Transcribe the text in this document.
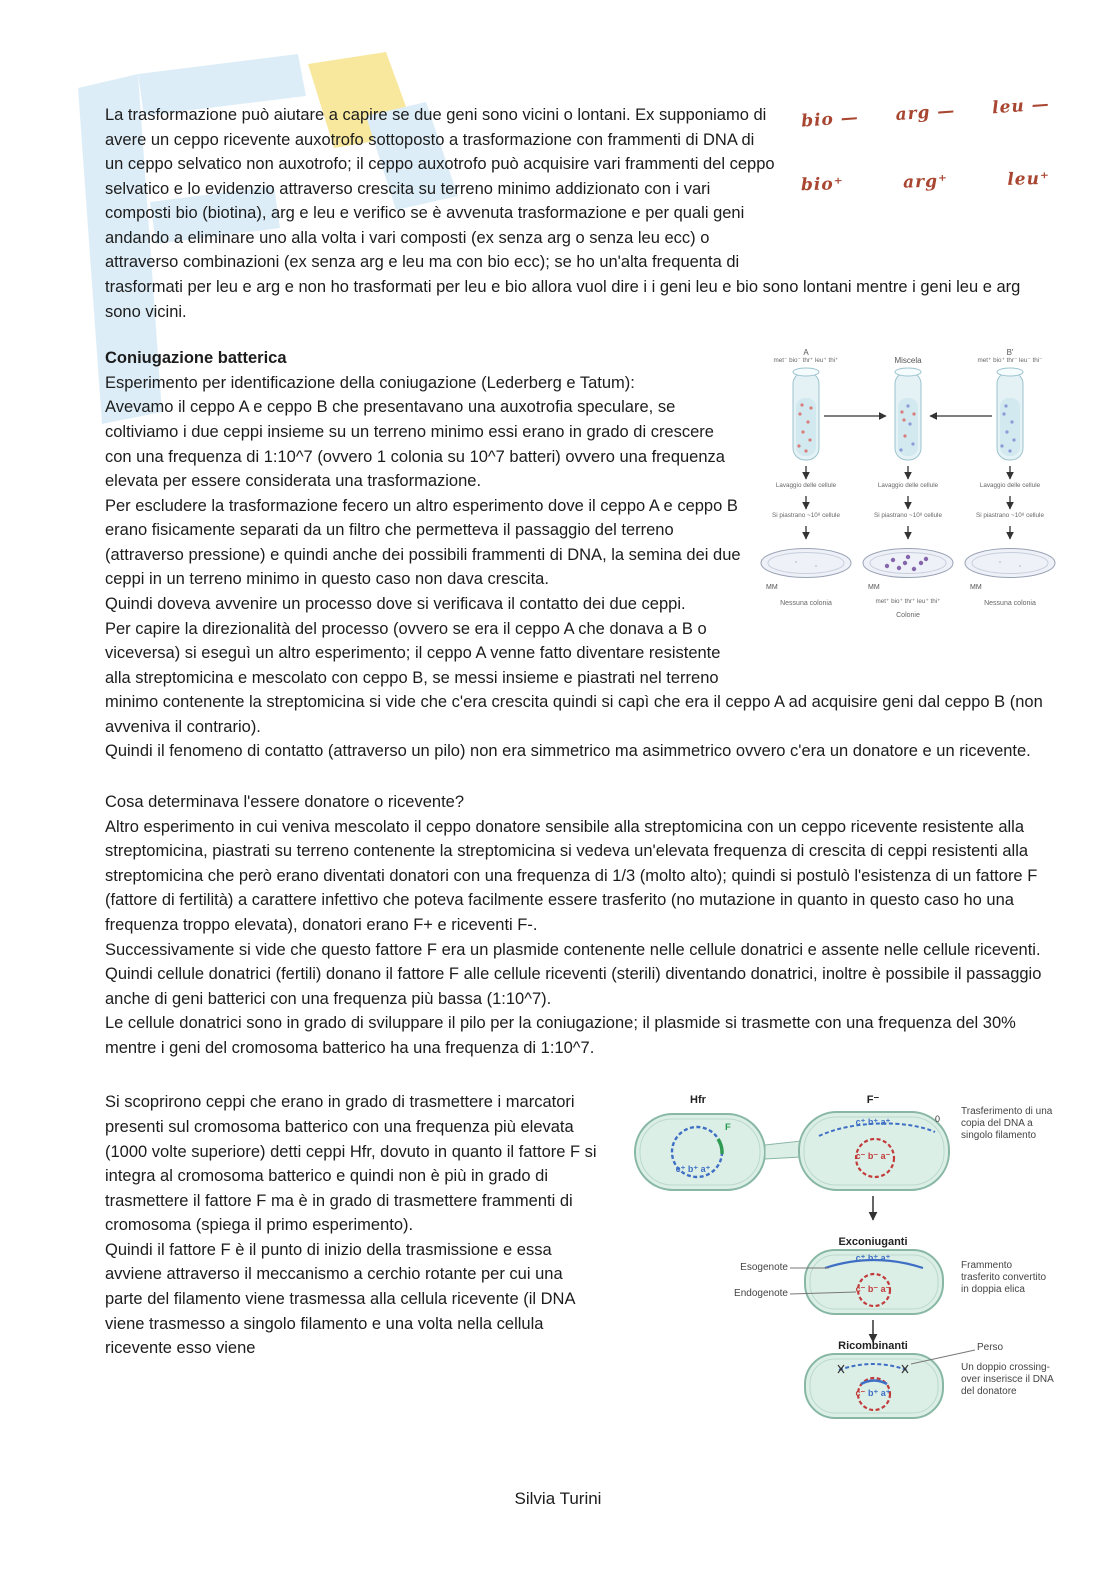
bio — arg — leu —
bio⁺	arg⁺	leu⁺

La trasformazione può aiutare a capire se due geni sono vicini o lontani. Ex supponiamo di avere un ceppo ricevente auxotrofo sottoposto a trasformazione con frammenti di DNA di un ceppo selvatico non auxotrofo; il ceppo auxotrofo può acquisire vari frammenti del ceppo selvatico e lo evidenzio attraverso crescita su terreno minimo addizionato con i vari composti bio (biotina), arg e leu e verifico se è avvenuta trasformazione e per quali geni andando a eliminare uno alla volta i vari composti (ex senza arg o senza leu ecc) o attraverso combinazioni (ex senza arg e leu ma con bio ecc); se ho un'alta frequenta di trasformati per leu e arg e non ho trasformati per leu e bio allora vuol dire i i geni leu e bio sono lontani mentre i geni leu e arg sono vicini.

A
Miscela
B'
met⁻ bio⁻ thr⁺ leu⁺ thi⁺	met⁺ bio⁺ thr⁻ leu⁻ thi⁻
Lavaggio delle cellule	Lavaggio delle cellule	Lavaggio delle cellule
Si piastrano ~10⁸ cellule	Si piastrano ~10⁸ cellule	Si piastrano ~10⁸ cellule
MM	MM	MM
Nessuna colonia	met⁺ bio⁺ thr⁺ leu⁺ thi⁺
Colonie
Nessuna colonia
Coniugazione batterica

Esperimento per identificazione della coniugazione (Lederberg e Tatum):

Avevamo il ceppo A e ceppo B che presentavano una auxotrofia speculare, se coltiviamo i due ceppi insieme su un terreno minimo essi erano in grado di crescere con una frequenza di 1:10^7 (ovvero 1 colonia su 10^7 batteri) ovvero una frequenza elevata per essere considerata una trasformazione.

Per escludere la trasformazione fecero un altro esperimento dove il ceppo A e ceppo B erano fisicamente separati da un filtro che permetteva il passaggio del terreno (attraverso pressione) e quindi anche dei possibili frammenti di DNA, la semina dei due ceppi in un terreno minimo in questo caso non dava crescita.

Quindi doveva avvenire un processo dove si verificava il contatto dei due ceppi.

Per capire la direzionalità del processo (ovvero se era il ceppo A che donava a B o viceversa) si eseguì un altro esperimento; il ceppo A venne fatto diventare resistente alla streptomicina e mescolato con ceppo B, se messi insieme e piastrati nel terreno minimo contenente la streptomicina si vide che c'era crescita quindi si capì che era il ceppo A ad acquisire geni dal ceppo B (non avveniva il contrario).

Quindi il fenomeno di contatto (attraverso un pilo) non era simmetrico ma asimmetrico ovvero c'era un donatore e un ricevente.

Cosa determinava l'essere donatore o ricevente?

Altro esperimento in cui veniva mescolato il ceppo donatore sensibile alla streptomicina con un ceppo ricevente resistente alla streptomicina, piastrati su terreno contenente la streptomicina si vedeva un'elevata frequenza di crescita di ceppi resistenti alla streptomicina che però erano diventati donatori con una frequenza di 1/3 (molto alto); quindi si postulò l'esistenza di un fattore F (fattore di fertilità) a carattere infettivo che poteva facilmente essere trasferito (no mutazione in quanto in questo caso ho una frequenza troppo elevata), donatori erano F+ e riceventi F-.

Successivamente si vide che questo fattore F era un plasmide contenente nelle cellule donatrici e assente nelle cellule riceventi.

Quindi cellule donatrici (fertili) donano il fattore F alle cellule riceventi (sterili) diventando donatrici, inoltre è possibile il passaggio anche di geni batterici con una frequenza più bassa (1:10^7).

Le cellule donatrici sono in grado di sviluppare il pilo per la coniugazione; il plasmide si trasmette con una frequenza del 30% mentre i geni del cromosoma batterico ha una frequenza di 1:10^7.

Hfr	F⁻
c⁺ b⁺ a⁺
F	c⁺ b⁺ a⁺	0
c⁻ b⁻ a⁻
Trasferimento di una copia del DNA a singolo filamento
Exconiuganti
Esogenote
Endogenote
c⁺ b⁺ a⁺
c⁻ b⁻ a⁻
Frammento trasferito convertito in doppia elica
Ricombinanti	Perso
Un doppio crossing-over inserisce il DNA del donatore
c⁻ b⁺ a⁺

Si scoprirono ceppi che erano in grado di trasmettere i marcatori presenti sul cromosoma batterico con una frequenza più elevata (1000 volte superiore) detti ceppi Hfr, dovuto in quanto il fattore F si integra al cromosoma batterico e quindi non è più in grado di trasmettere il fattore F ma è in grado di trasmettere frammenti di cromosoma (spiega il primo esperimento).

Quindi il fattore F è il punto di inizio della trasmissione e essa avviene attraverso il meccanismo a cerchio rotante per cui una parte del filamento viene trasmessa alla cellula ricevente (il DNA viene trasmesso a singolo filamento e una volta nella cellula ricevente esso viene

Silvia Turini
